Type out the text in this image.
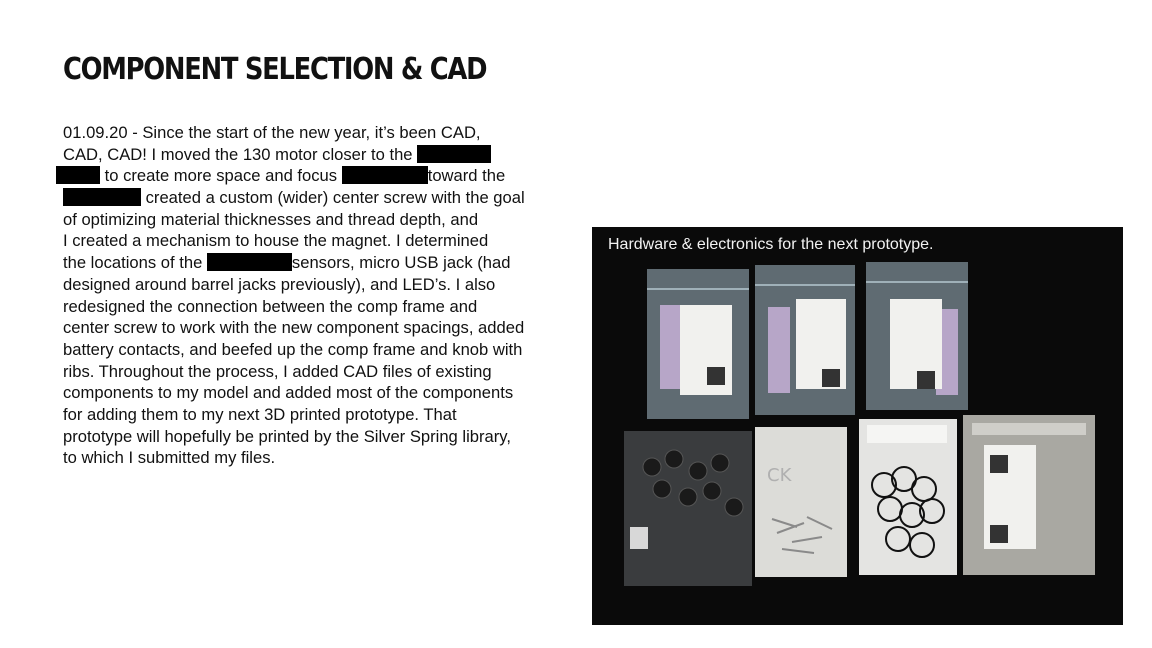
COMPONENT SELECTION & CAD
01.09.20 - Since the start of the new year, it’s been CAD,
CAD, CAD! I moved the 130 motor closer to the
to create more space and focus	toward the
created a custom (wider) center screw with the goal
of optimizing material thicknesses and thread depth, and
I created a mechanism to house the magnet. I determined
the locations of the	sensors, micro USB jack (had
designed around barrel jacks previously), and LED’s. I also
redesigned the connection between the comp frame and
center screw to work with the new component spacings, added
battery contacts, and beefed up the comp frame and knob with
ribs. Throughout the process, I added CAD files of existing
components to my model and added most of the components
for adding them to my next 3D printed prototype. That
prototype will hopefully be printed by the Silver Spring library,
to which I submitted my files.
CK
Hardware & electronics for the next prototype.
